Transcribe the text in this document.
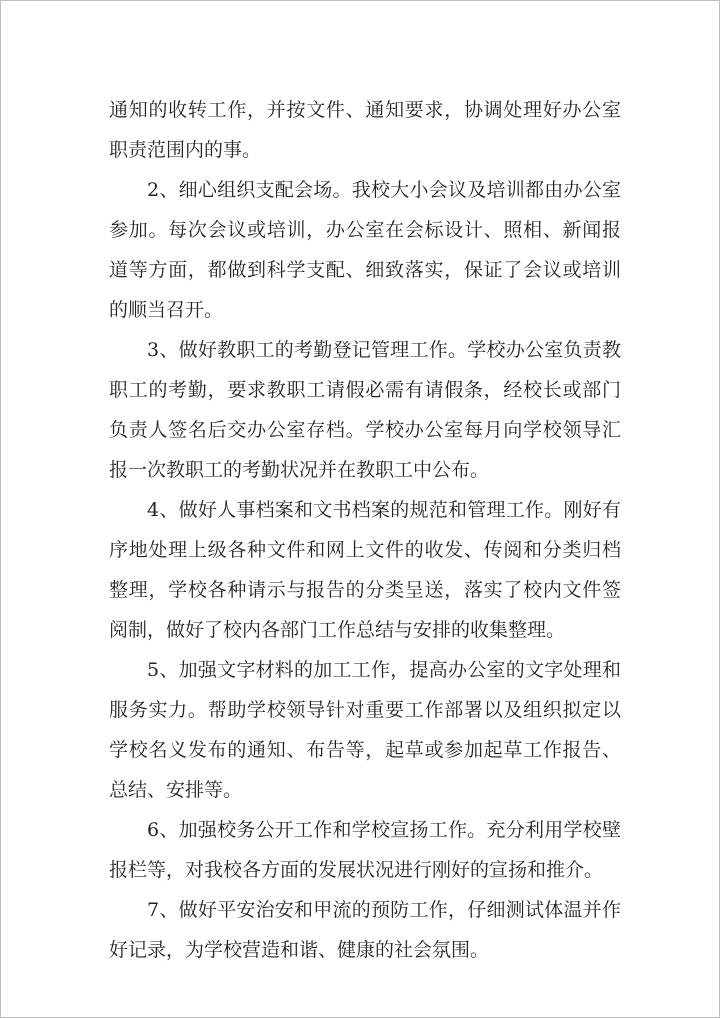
通知的收转工作，并按文件、通知要求，协调处理好办公室职责范围内的事。

2、细心组织支配会场。我校大小会议及培训都由办公室参加。每次会议或培训，办公室在会标设计、照相、新闻报道等方面，都做到科学支配、细致落实，保证了会议或培训的顺当召开。

3、做好教职工的考勤登记管理工作。学校办公室负责教职工的考勤，要求教职工请假必需有请假条，经校长或部门负责人签名后交办公室存档。学校办公室每月向学校领导汇报一次教职工的考勤状况并在教职工中公布。

4、做好人事档案和文书档案的规范和管理工作。刚好有序地处理上级各种文件和网上文件的收发、传阅和分类归档整理，学校各种请示与报告的分类呈送，落实了校内文件签阅制，做好了校内各部门工作总结与安排的收集整理。

5、加强文字材料的加工工作，提高办公室的文字处理和服务实力。帮助学校领导针对重要工作部署以及组织拟定以学校名义发布的通知、布告等，起草或参加起草工作报告、总结、安排等。

6、加强校务公开工作和学校宣扬工作。充分利用学校壁报栏等，对我校各方面的发展状况进行刚好的宣扬和推介。

7、做好平安治安和甲流的预防工作，仔细测试体温并作好记录，为学校营造和谐、健康的社会氛围。
